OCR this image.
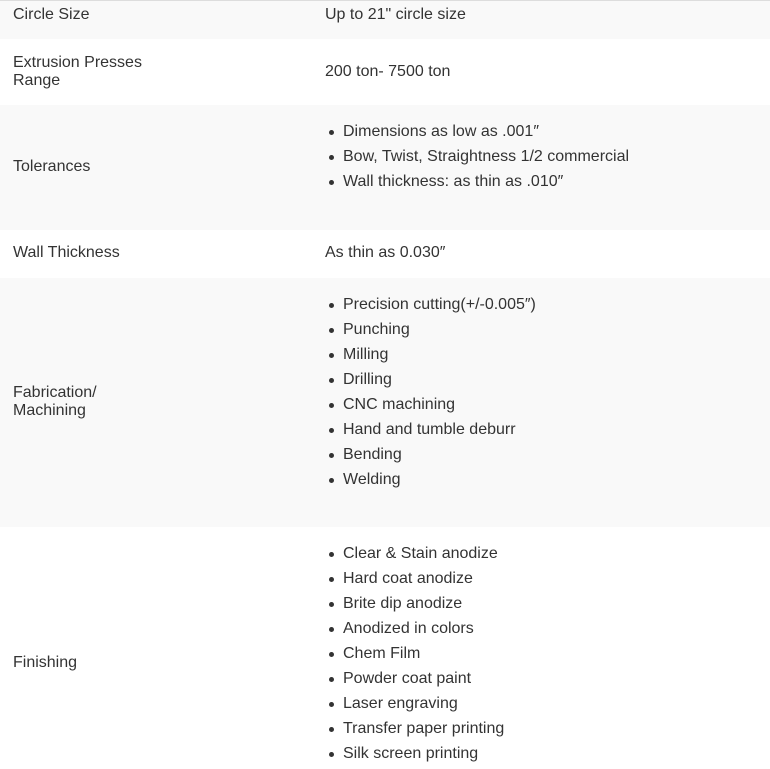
Circle Size	Up to 21" circle size
Extrusion Presses
Range
200 ton- 7500 ton
Tolerances
Dimensions as low as .001″
Bow, Twist, Straightness 1/2 commercial
Wall thickness: as thin as .010″
Wall Thickness	As thin as 0.030″
Fabrication/
Machining
Precision cutting(+/-0.005″)
Punching
Milling
Drilling
CNC machining
Hand and tumble deburr
Bending
Welding
Finishing
Clear & Stain anodize
Hard coat anodize
Brite dip anodize
Anodized in colors
Chem Film
Powder coat paint
Laser engraving
Transfer paper printing
Silk screen printing
